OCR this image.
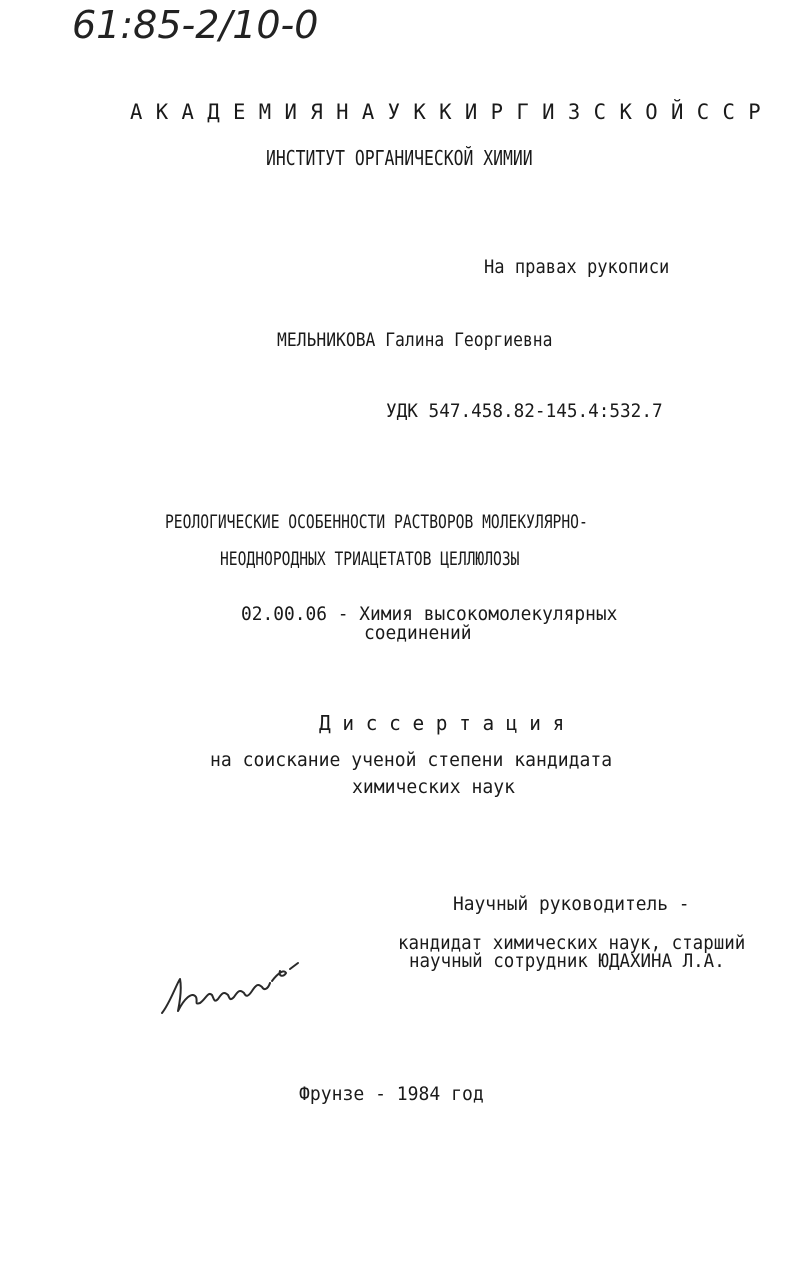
61:85-2/10-0
А К А Д Е М И Я Н А У К К И Р Г И З С К О Й С С Р
ИНСТИТУТ ОРГАНИЧЕСКОЙ ХИМИИ
На правах рукописи
МЕЛЬНИКОВА Галина Георгиевна
УДК 547.458.82-145.4:532.7
РЕОЛОГИЧЕСКИЕ ОСОБЕННОСТИ РАСТВОРОВ МОЛЕКУЛЯРНО-
НЕОДНОРОДНЫХ ТРИАЦЕТАТОВ ЦЕЛЛЮЛОЗЫ
02.00.06 - Химия высокомолекулярных
соединений
Д и с с е р т а ц и я
на соискание ученой степени кандидата
химических наук
Научный руководитель -
кандидат химических наук, старший
научный сотрудник ЮДАХИНА Л.А.
Фрунзе - 1984 год
